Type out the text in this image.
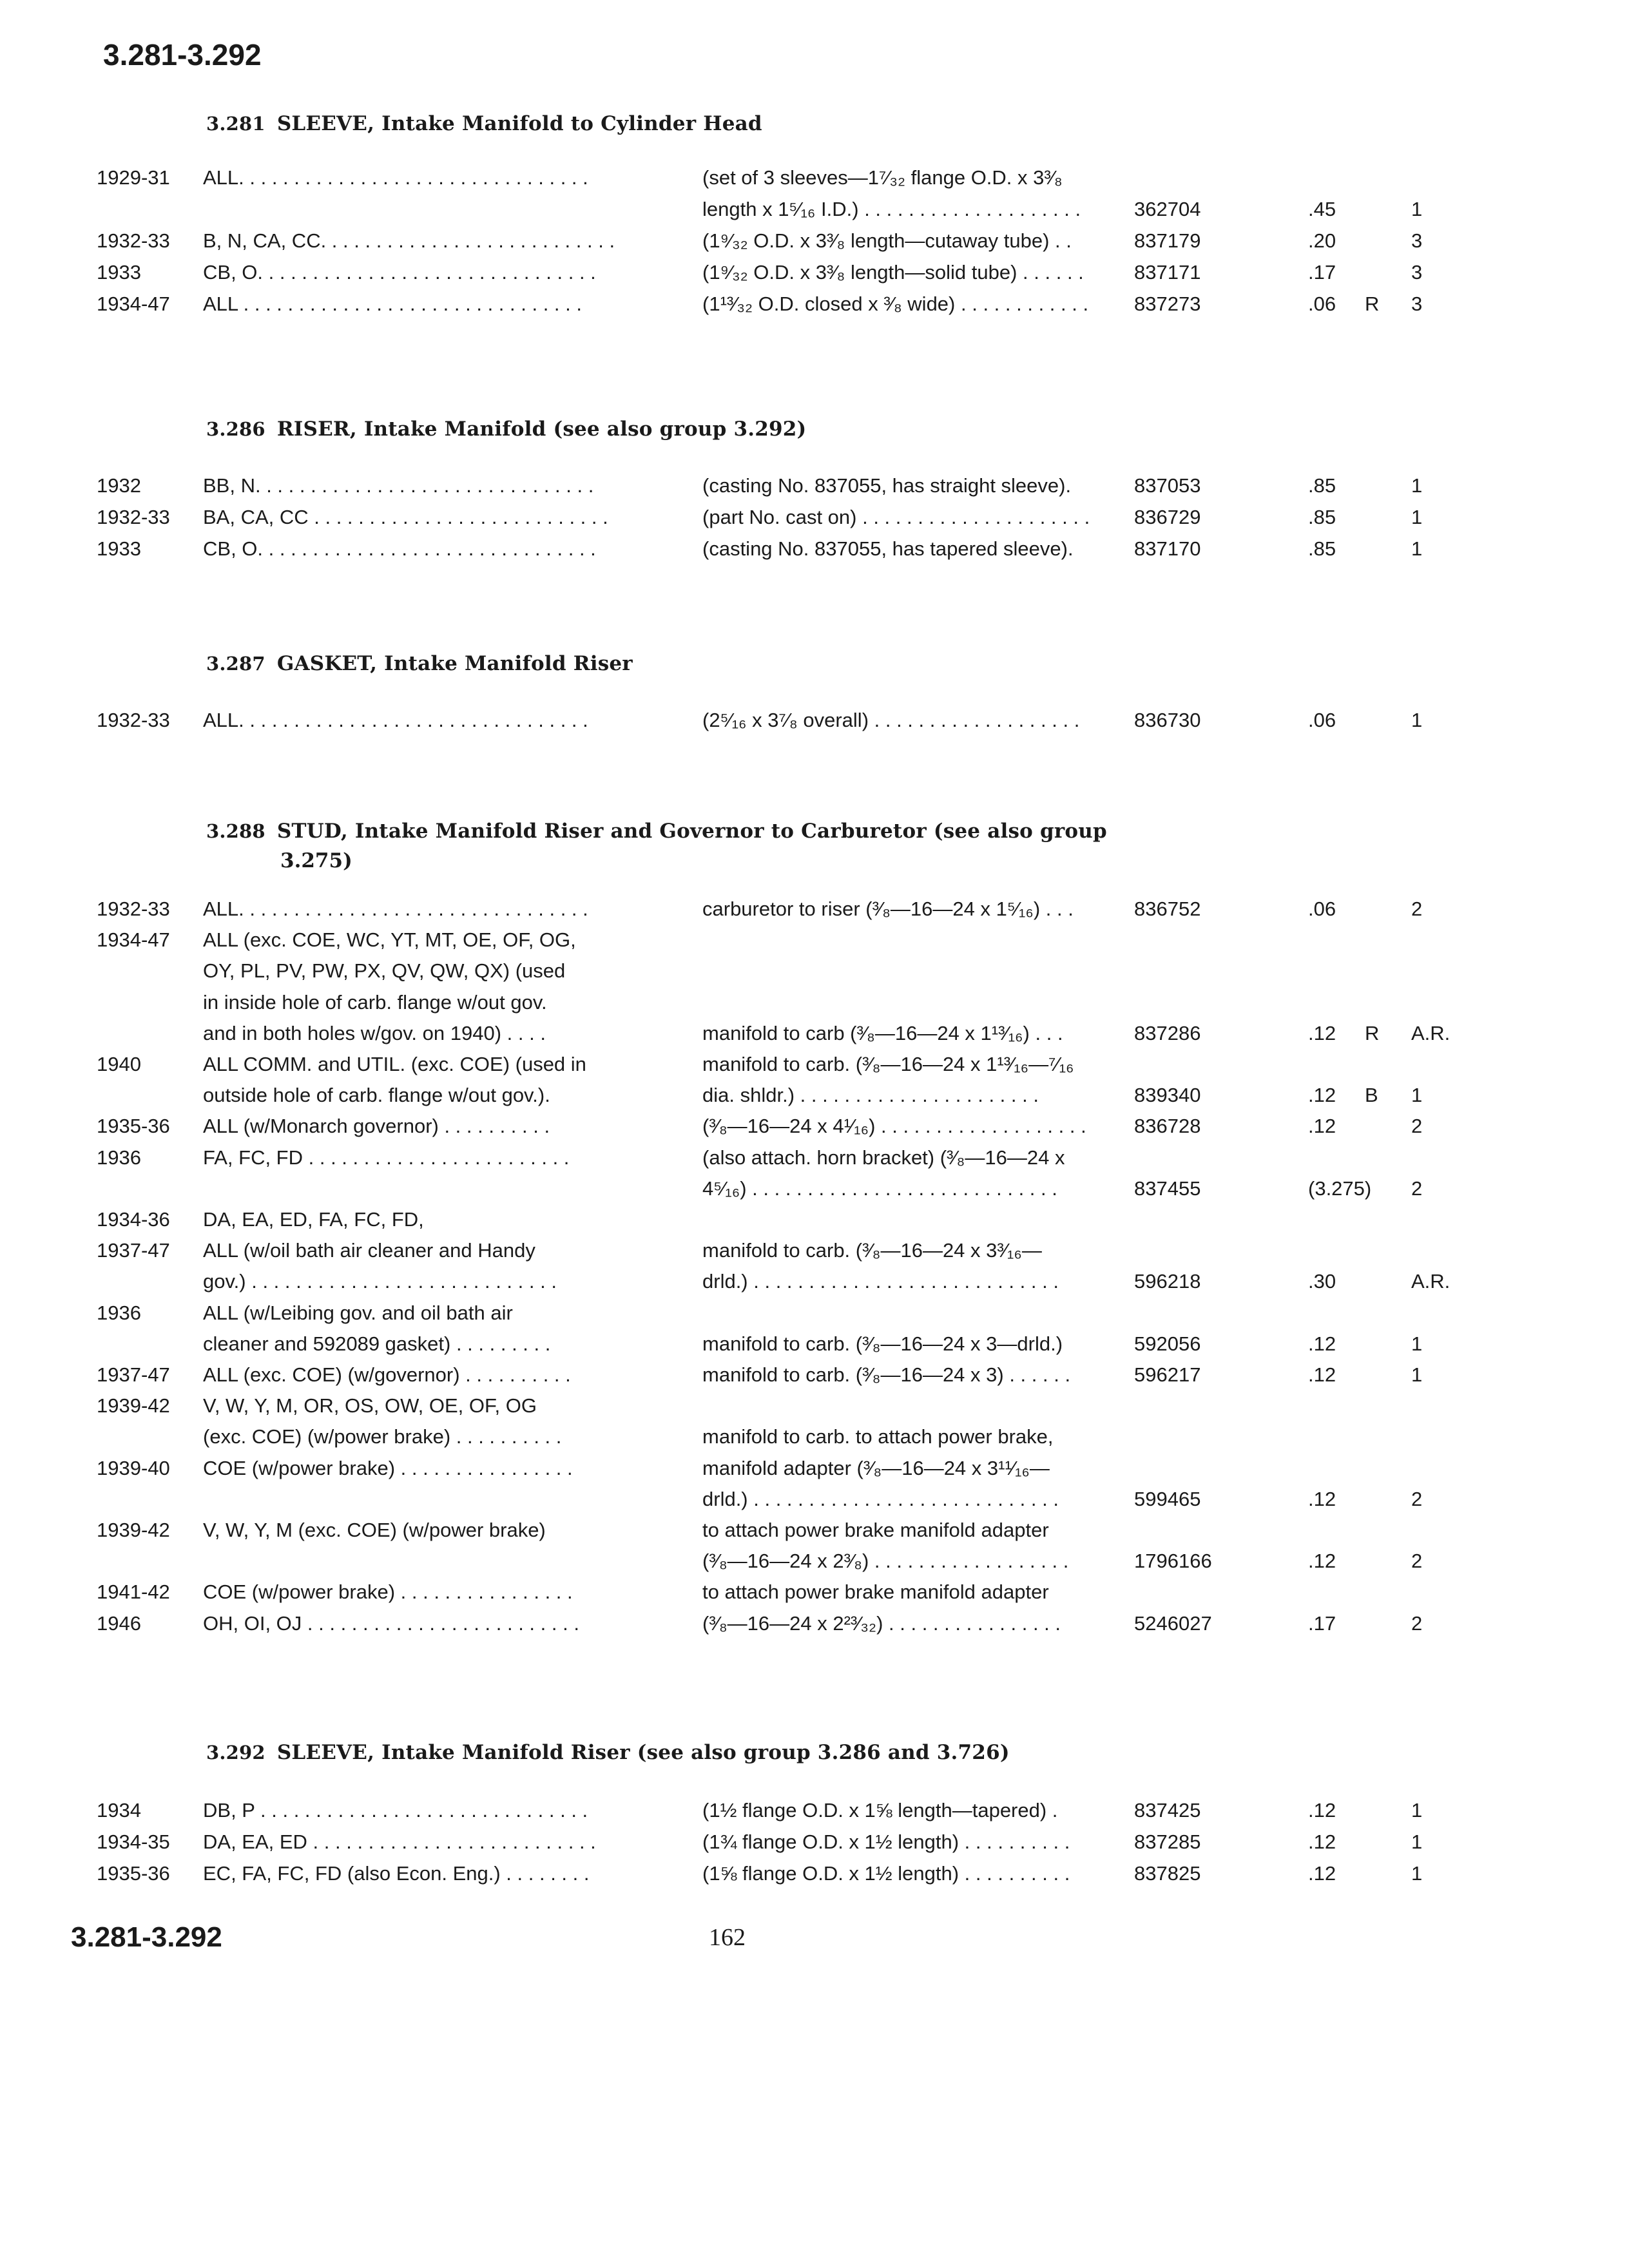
3.281-3.292
3.281 SLEEVE, Intake Manifold to Cylinder Head
1929-31 ALL. . . . . . . . . . . . . . . . . . . . . . . . . . . . . . . .	(set of 3 sleeves—1⁷⁄₃₂ flange O.D. x 3³⁄₈
length x 1⁵⁄₁₆ I.D.) . . . . . . . . . . . . . . . . . . . .	362704	.45	1
1932-33 B, N, CA, CC. . . . . . . . . . . . . . . . . . . . . . . . . . .	(1⁹⁄₃₂ O.D. x 3³⁄₈ length—cutaway tube) . .	837179	.20	3
1933	CB, O. . . . . . . . . . . . . . . . . . . . . . . . . . . . . . .	(1⁹⁄₃₂ O.D. x 3³⁄₈ length—solid tube) . . . . . .	837171	.17	3
1934-47 ALL . . . . . . . . . . . . . . . . . . . . . . . . . . . . . . .	(1¹³⁄₃₂ O.D. closed x ³⁄₈ wide) . . . . . . . . . . . . 837273	.06 R 3
3.286 RISER, Intake Manifold (see also group 3.292)
1932	BB, N. . . . . . . . . . . . . . . . . . . . . . . . . . . . . . .	(casting No. 837055, has straight sleeve).	837053	.85	1
1932-33 BA, CA, CC . . . . . . . . . . . . . . . . . . . . . . . . . . .	(part No. cast on) . . . . . . . . . . . . . . . . . . . . . 836729	.85	1
1933	CB, O. . . . . . . . . . . . . . . . . . . . . . . . . . . . . . .	(casting No. 837055, has tapered sleeve).	837170	.85	1
3.287 GASKET, Intake Manifold Riser
1932-33 ALL. . . . . . . . . . . . . . . . . . . . . . . . . . . . . . . .	(2⁵⁄₁₆ x 3⁷⁄₈ overall) . . . . . . . . . . . . . . . . . . .	836730	.06	1
3.288 STUD, Intake Manifold Riser and Governor to Carburetor (see also group
3.275)
1932-33 ALL. . . . . . . . . . . . . . . . . . . . . . . . . . . . . . . .	carburetor to riser (³⁄₈—16—24 x 1⁵⁄₁₆) . . .	836752	.06	2
1934-47 ALL (exc. COE, WC, YT, MT, OE, OF, OG,
OY, PL, PV, PW, PX, QV, QW, QX) (used
in inside hole of carb. flange w/out gov.
and in both holes w/gov. on 1940) . . . .	manifold to carb (³⁄₈—16—24 x 1¹³⁄₁₆) . . .	837286	.12 R A.R.
1940	ALL COMM. and UTIL. (exc. COE) (used in	manifold to carb. (³⁄₈—16—24 x 1¹³⁄₁₆—⁷⁄₁₆
outside hole of carb. flange w/out gov.).	dia. shldr.) . . . . . . . . . . . . . . . . . . . . . .	839340	.12 B 1
1935-36 ALL (w/Monarch governor) . . . . . . . . . .	(³⁄₈—16—24 x 4¹⁄₁₆) . . . . . . . . . . . . . . . . . . . 836728	.12	2
1936	FA, FC, FD . . . . . . . . . . . . . . . . . . . . . . . .	(also attach. horn bracket) (³⁄₈—16—24 x
4⁵⁄₁₆) . . . . . . . . . . . . . . . . . . . . . . . . . . . .	837455	(3.275) 2
1934-36 DA, EA, ED, FA, FC, FD,
1937-47 ALL (w/oil bath air cleaner and Handy	manifold to carb. (³⁄₈—16—24 x 3³⁄₁₆—
gov.) . . . . . . . . . . . . . . . . . . . . . . . . . . . .	drld.) . . . . . . . . . . . . . . . . . . . . . . . . . . . .	596218	.30	A.R.
1936	ALL (w/Leibing gov. and oil bath air
cleaner and 592089 gasket) . . . . . . . . .	manifold to carb. (³⁄₈—16—24 x 3—drld.)	592056	.12	1
1937-47 ALL (exc. COE) (w/governor) . . . . . . . . . .	manifold to carb. (³⁄₈—16—24 x 3) . . . . . .	596217	.12	1
1939-42 V, W, Y, M, OR, OS, OW, OE, OF, OG
(exc. COE) (w/power brake) . . . . . . . . . .	manifold to carb. to attach power brake,
1939-40 COE (w/power brake) . . . . . . . . . . . . . . . .	manifold adapter (³⁄₈—16—24 x 3¹¹⁄₁₆—
drld.) . . . . . . . . . . . . . . . . . . . . . . . . . . . .	599465	.12	2
1939-42 V, W, Y, M (exc. COE) (w/power brake)	to attach power brake manifold adapter
(³⁄₈—16—24 x 2³⁄₈) . . . . . . . . . . . . . . . . . .	1796166	.12	2
1941-42 COE (w/power brake) . . . . . . . . . . . . . . . .	to attach power brake manifold adapter
1946	OH, OI, OJ . . . . . . . . . . . . . . . . . . . . . . . . .	(³⁄₈—16—24 x 2²³⁄₃₂) . . . . . . . . . . . . . . . .	5246027	.17	2
3.292 SLEEVE, Intake Manifold Riser (see also group 3.286 and 3.726)
1934	DB, P . . . . . . . . . . . . . . . . . . . . . . . . . . . . . .	(1½ flange O.D. x 1⅝ length—tapered) .	837425	.12	1
1934-35 DA, EA, ED . . . . . . . . . . . . . . . . . . . . . . . . . .	(1¾ flange O.D. x 1½ length) . . . . . . . . . .	837285	.12	1
1935-36 EC, FA, FC, FD (also Econ. Eng.) . . . . . . . .	(1⅝ flange O.D. x 1½ length) . . . . . . . . . .	837825	.12	1
3.281-3.292	162
